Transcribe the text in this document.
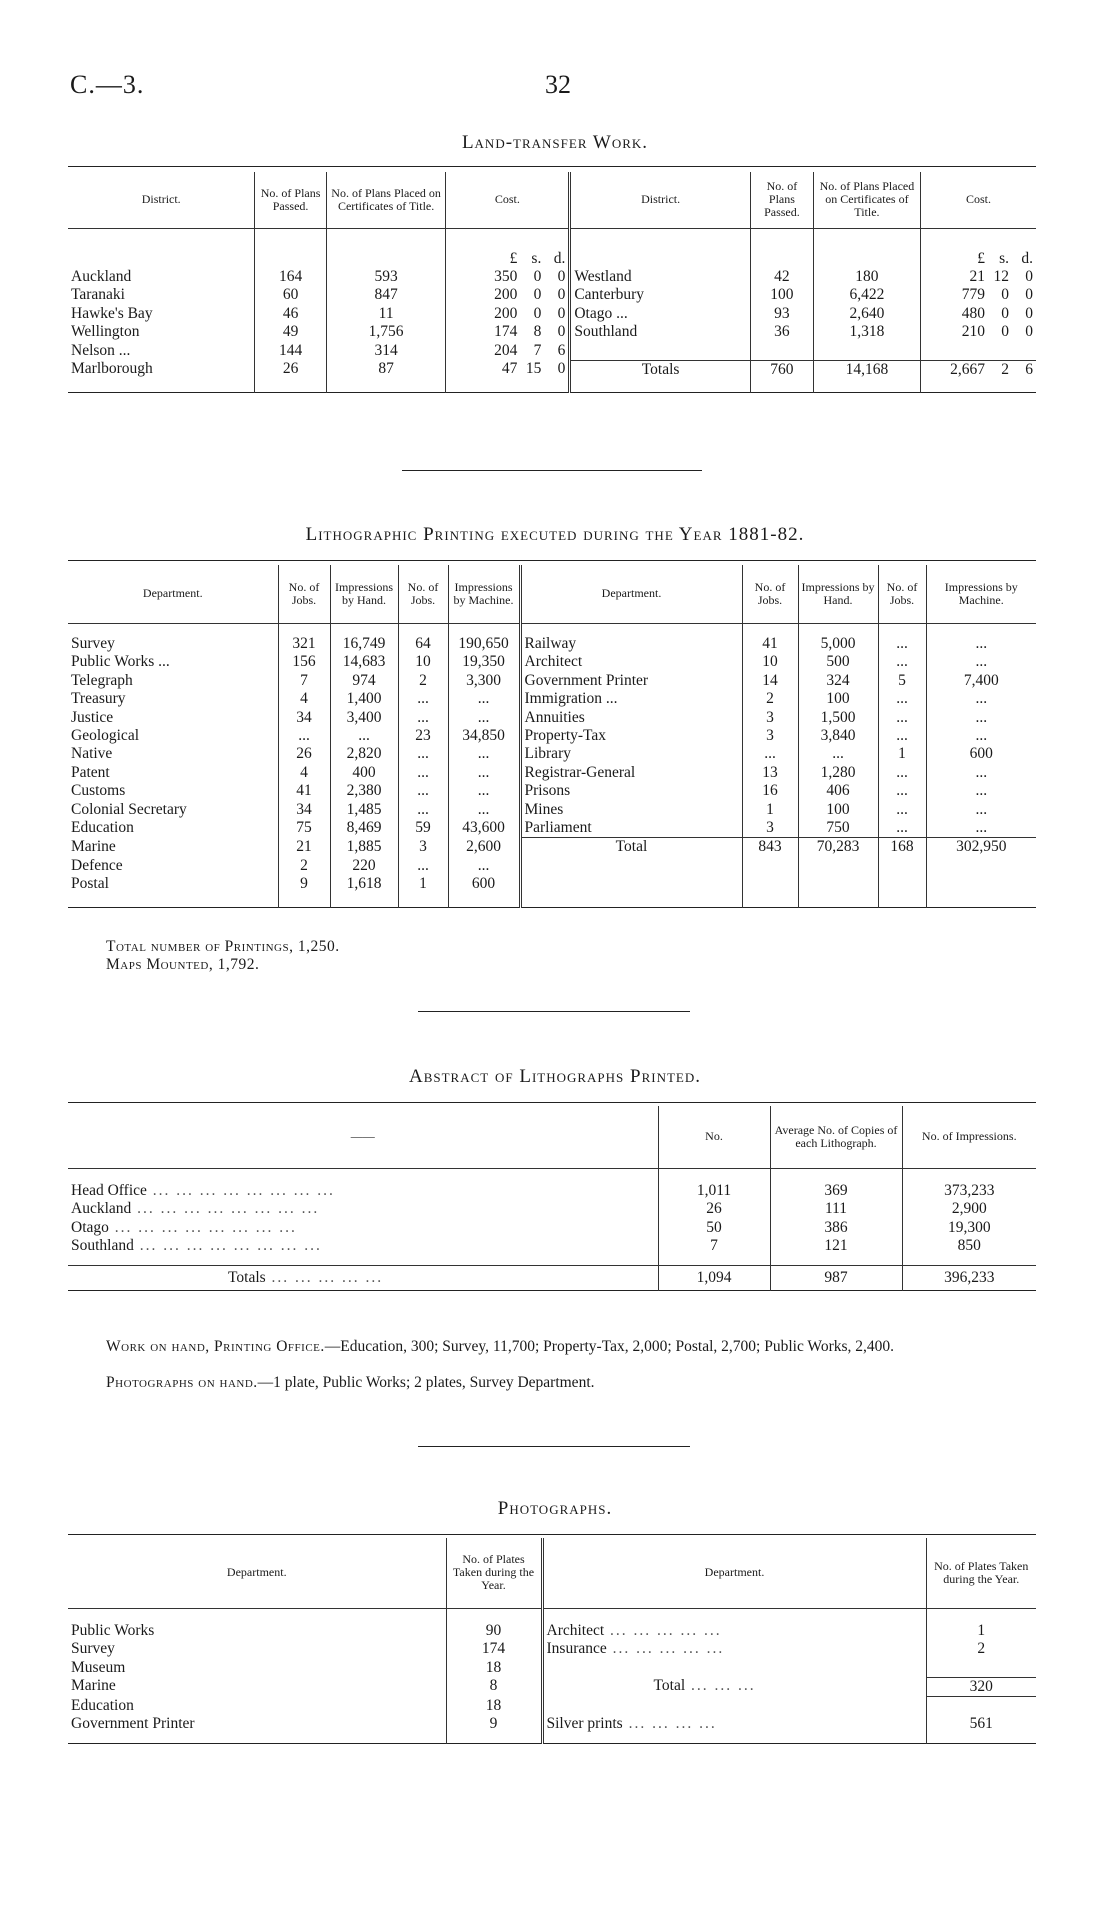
C.—3.	32
Land-transfer Work.
District.	No. of Plans Passed.	No. of Plans Placed on Certificates of Title.	Cost.	District.	No. of Plans Passed.	No. of Plans Placed on Certificates of Title.	Cost.
			£ s. d.				£ s. d.
Auckland	164	593	350 0 0	Westland	42	180	21 12 0
Taranaki	60	847	200 0 0	Canterbury	100	6,422	779 0 0
Hawke's Bay	46	11	200 0 0	Otago ...	93	2,640	480 0 0
Wellington	49	1,756	174 8 0	Southland	36	1,318	210 0 0
Nelson ...	144	314	204 7 6				
Marlborough	26	87	47 15 0	Totals	760	14,168	2,667 2 6

Lithographic Printing executed during the Year 1881-82.
Department.	No. of Jobs.	Impressions by Hand.	No. of Jobs.	Impressions by Machine.	Department.	No. of Jobs.	Impressions by Hand.	No. of Jobs.	Impressions by Machine.

Survey	321	16,749	64	190,650	Railway	41	5,000	...	...
Public Works ...	156	14,683	10	19,350	Architect	10	500	...	...
Telegraph	7	974	2	3,300	Government Printer	14	324	5	7,400
Treasury	4	1,400	...	...	Immigration ...	2	100	...	...
Justice	34	3,400	...	...	Annuities	3	1,500	...	...
Geological	...	...	23	34,850	Property-Tax	3	3,840	...	...
Native	26	2,820	...	...	Library	...	...	1	600
Patent	4	400	...	...	Registrar-General	13	1,280	...	...
Customs	41	2,380	...	...	Prisons	16	406	...	...
Colonial Secretary	34	1,485	...	...	Mines	1	100	...	...
Education	75	8,469	59	43,600	Parliament	3	750	...	...
Marine	21	1,885	3	2,600	Total	843	70,283	168	302,950
Defence	2	220	...	...					
Postal	9	1,618	1	600					

Total number of Printings, 1,250.
Maps Mounted, 1,792.
Abstract of Lithographs Printed.
——	No.	Average No. of Copies of each Lithograph.	No. of Impressions.

Head Office ... ... ... ... ... ... ... ...	1,011	369	373,233
Auckland ... ... ... ... ... ... ... ...	26	111	2,900
Otago ... ... ... ... ... ... ... ...	50	386	19,300
Southland ... ... ... ... ... ... ... ...	7	121	850

Totals ... ... ... ... ...	1,094	987	396,233
Work on hand, Printing Office.—Education, 300; Survey, 11,700; Property-Tax, 2,000; Postal, 2,700; Public Works, 2,400.
Photographs on hand.—1 plate, Public Works; 2 plates, Survey Department.
Photographs.
Department.	No. of Plates Taken during the Year.	Department.	No. of Plates Taken during the Year.

Public Works	90	Architect ... ... ... ... ...	1
Survey	174	Insurance ... ... ... ... ...	2
Museum	18		
Marine	8	Total ... ... ...	320
Education	18		
Government Printer	9	Silver prints ... ... ... ...	561
